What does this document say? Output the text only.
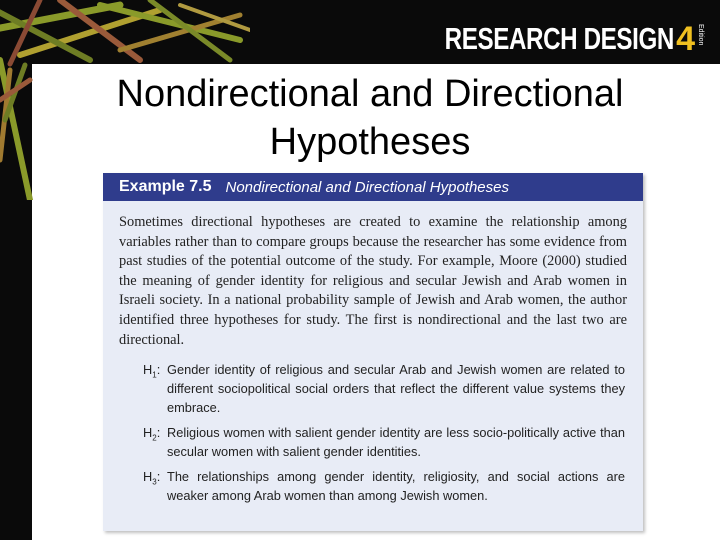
RESEARCH DESIGN 4 Edition
Nondirectional and Directional
Hypotheses
Example 7.5 Nondirectional and Directional Hypotheses
Sometimes directional hypotheses are created to examine the relationship among variables rather than to compare groups because the researcher has some evidence from past studies of the potential outcome of the study. For example, Moore (2000) studied the meaning of gender identity for religious and secular Jewish and Arab women in Israeli society. In a national probability sample of Jewish and Arab women, the author identified three hypotheses for study. The first is nondirectional and the last two are directional.
$H_1$: Gender identity of religious and secular Arab and Jewish women are related to different sociopolitical social orders that reflect the different value systems they embrace.
$H_2$: Religious women with salient gender identity are less socio-politically active than secular women with salient gender identities.
$H_3$: The relationships among gender identity, religiosity, and social actions are weaker among Arab women than among Jewish women.
